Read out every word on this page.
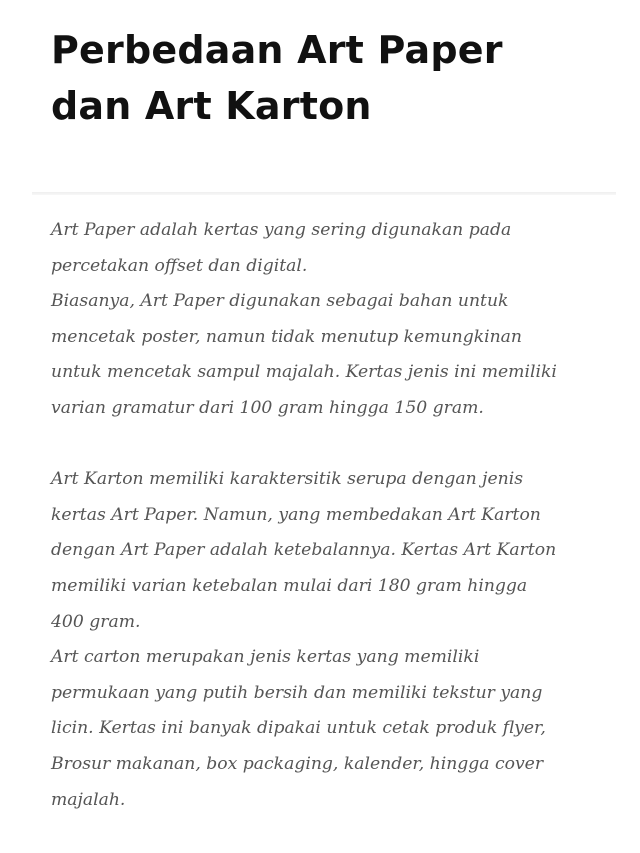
Perbedaan Art Paper
dan Art Karton
Art Paper adalah kertas yang sering digunakan pada
percetakan offset dan digital.
Biasanya, Art Paper digunakan sebagai bahan untuk
mencetak poster, namun tidak menutup kemungkinan
untuk mencetak sampul majalah. Kertas jenis ini memiliki
varian gramatur dari 100 gram hingga 150 gram.
Art Karton memiliki karaktersitik serupa dengan jenis
kertas Art Paper. Namun, yang membedakan Art Karton
dengan Art Paper adalah ketebalannya. Kertas Art Karton
memiliki varian ketebalan mulai dari 180 gram hingga
400 gram.
Art carton merupakan jenis kertas yang memiliki
permukaan yang putih bersih dan memiliki tekstur yang
licin. Kertas ini banyak dipakai untuk cetak produk flyer,
Brosur makanan, box packaging, kalender, hingga cover
majalah.
